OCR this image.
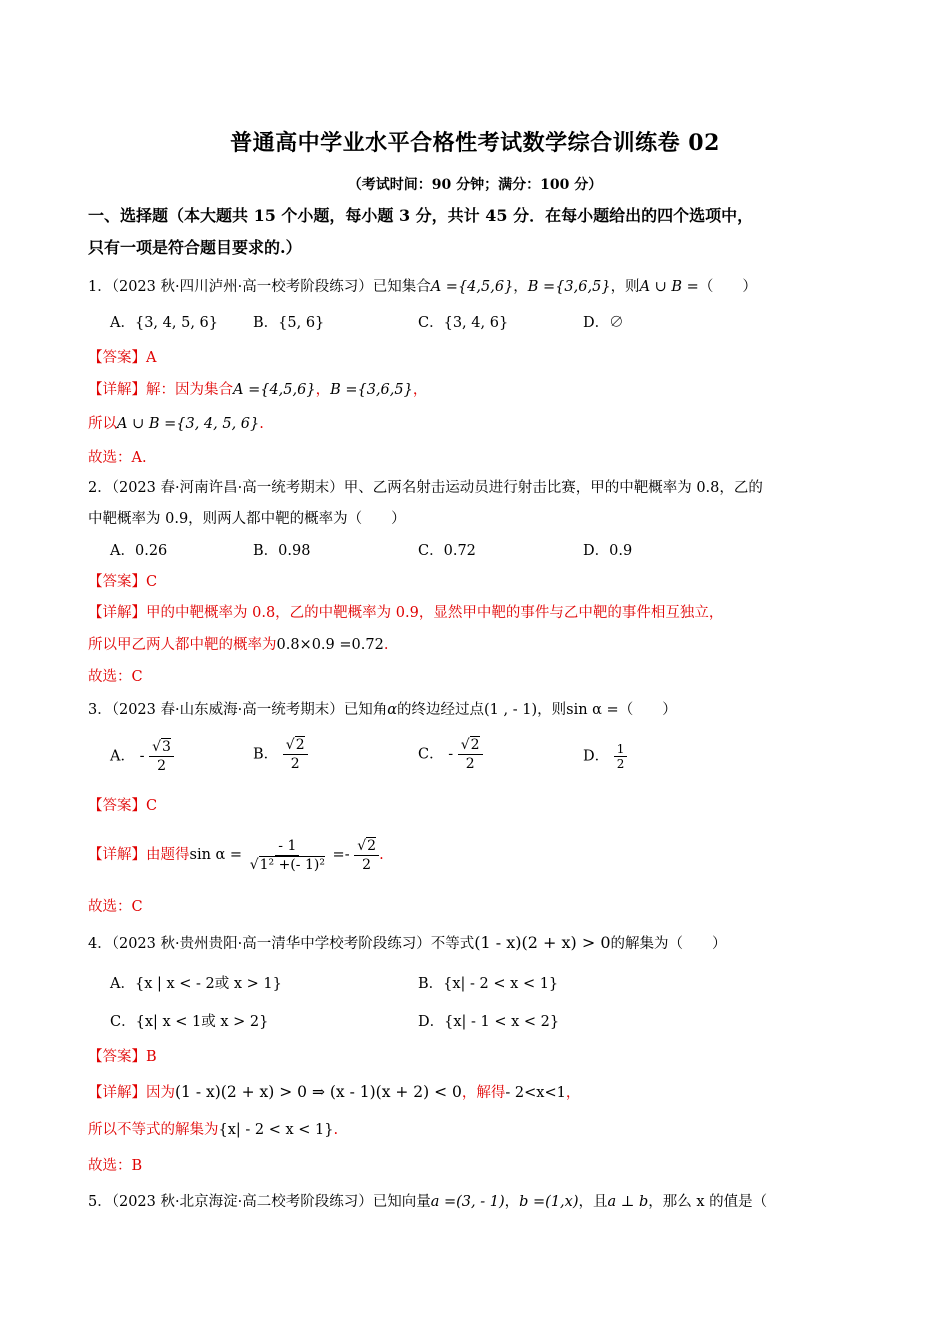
普通高中学业水平合格性考试数学综合训练卷 02
（考试时间：90 分钟；满分：100 分）
一、选择题（本大题共 15 个小题，每小题 3 分，共计 45 分．在每小题给出的四个选项中，
只有一项是符合题目要求的.）
1．（2023 秋·四川泸州·高一校考阶段练习）已知集合A ={4,5,6}，B ={3,6,5}，则A ∪ B =（　　）
A．{3, 4, 5, 6} B．{5, 6}	C．{3, 4, 6}	D．∅
【答案】A
【详解】解：因为集合A ={4,5,6}，B ={3,6,5}，
所以A ∪ B ={3, 4, 5, 6}.
故选：A.
2．（2023 春·河南许昌·高一统考期末）甲、乙两名射击运动员进行射击比赛，甲的中靶概率为 0.8，乙的
中靶概率为 0.9，则两人都中靶的概率为（　　）
A．0.26	B．0.98	C．0.72	D．0.9
【答案】C
【详解】甲的中靶概率为 0.8，乙的中靶概率为 0.9，显然甲中靶的事件与乙中靶的事件相互独立，
所以甲乙两人都中靶的概率为0.8×0.9 =0.72.
故选：C
3．（2023 春·山东威海·高一统考期末）已知角α的终边经过点(1 , - 1)，则sin α =（　　）
A． - $\frac{√3}{2}$	B． $\frac{√2}{2}$	C． - $\frac{√2}{2}$	D． $\frac{1}{2}$
【答案】C
【详解】由题得$\sin \alpha = \frac{- 1}{\text{√1² +(- 1)²}} =- \frac{√2}{2}$ .
故选：C
4．（2023 秋·贵州贵阳·高一清华中学校考阶段练习）不等式(1 - x)(2 + x) > 0的解集为（　　）
A．{x | x < - 2或 x > 1}	B．{x| - 2 < x < 1}
C．{x| x < 1或 x > 2}	D．{x| - 1 < x < 2}
【答案】B
【详解】因为(1 - x)(2 + x) > 0 ⇒ (x - 1)(x + 2) < 0，解得- 2<x<1，
所以不等式的解集为{x| - 2 < x < 1}.
故选：B
5．（2023 秋·北京海淀·高二校考阶段练习）已知向量a =(3, - 1)，b =(1,x)，且a ⊥ b，那么 x 的值是（
